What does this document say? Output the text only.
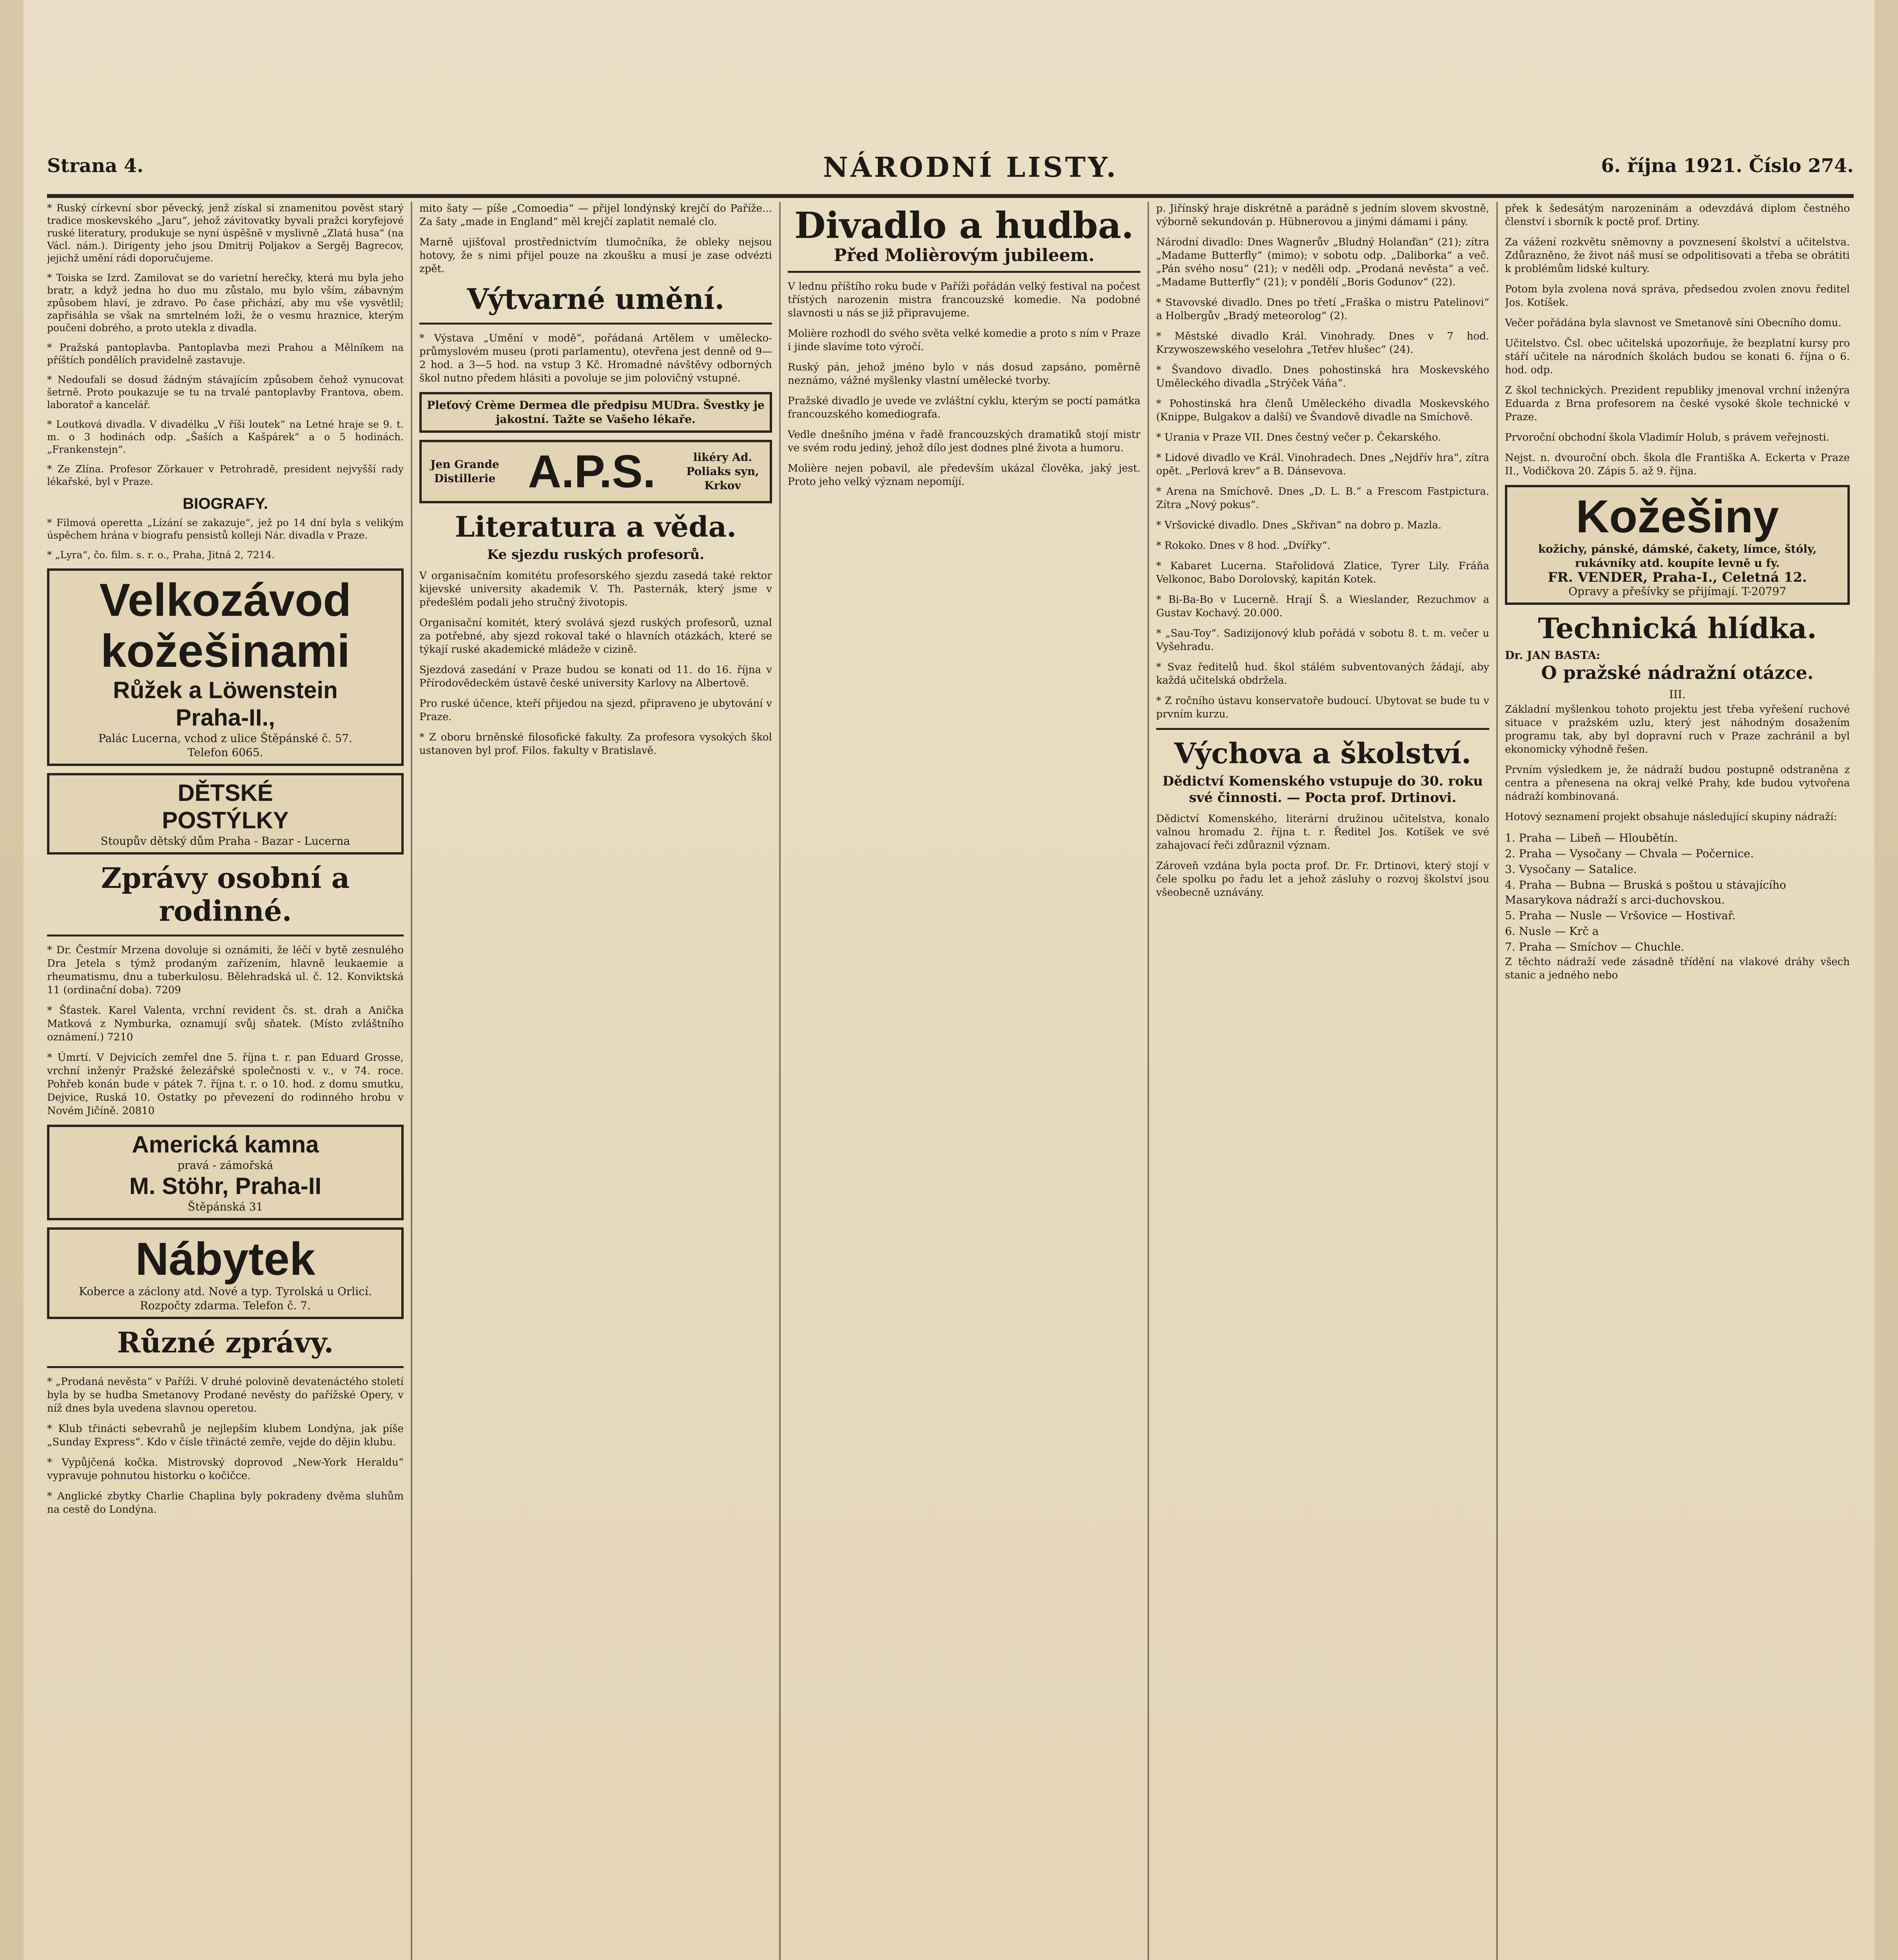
Strana 4.	NÁRODNÍ LISTY.	6. října 1921. Číslo 274.

* Ruský církevní sbor pěvecký, jenž získal si znamenitou pověst starý tradice moskevského „Jaru“, jehož závitovatky byvali pražci koryfejové ruské literatury, produkuje se nyní úspěšně v myslivně „Zlatá husa“ (na Václ. nám.). Dirigenty jeho jsou Dmitrij Poljakov a Sergěj Bagrecov, jejichž umění rádi doporučujeme.

* Toiska se Izrd. Zamilovat se do varietní herečky, která mu byla jeho bratr, a když jedna ho duo mu zůstalo, mu bylo vším, zábavným způsobem hlaví, je zdravo. Po čase přichází, aby mu vše vysvětlil; zapřisáhla se však na smrtelném loži, že o vesmu hraznice, kterým poučeni dobrého, a proto utekla z divadla.

* Pražská pantoplavba. Pantoplavba mezi Prahou a Mělníkem na příštích pondělích pravidelně zastavuje.

* Nedoufali se dosud žádným stávajícím způsobem čehož vynucovat šetrně. Proto poukazuje se tu na trvalé pantoplavby Frantova, obem. laboratoř a kancelář.

* Loutková divadla. V divadélku „V říši loutek“ na Letné hraje se 9. t. m. o 3 hodinách odp. „Šaších a Kašpárek“ a o 5 hodinách. „Frankenstejn“.

* Ze Zlína. Profesor Zörkauer v Petrohradě, president nejvyšší rady lékařské, byl v Praze.

BIOGRAFY.

* Filmová operetta „Lízání se zakazuje“, jež po 14 dní byla s velikým úspěchem hrána v biografu pensistů kolleji Nár. divadla v Praze.

* „Lyra“, čo. film. s. r. o., Praha, Jitná 2, 7214.

Velkozávod
kožešinami
Růžek a Löwenstein
Praha-II.,
Palác Lucerna, vchod z ulice Štěpánské č. 57.
Telefon 6065.
DĚTSKÉ
POSTÝLKY
Stoupův dětský dům Praha - Bazar - Lucerna
Zprávy osobní a rodinné.

* Dr. Čestmír Mrzena dovoluje si oznámiti, že léčí v bytě zesnulého Dra Jetela s týmž prodaným zařízením, hlavně leukaemie a rheumatismu, dnu a tuberkulosu. Bělehradská ul. č. 12. Konviktská 11 (ordinační doba). 7209

* Šťastek. Karel Valenta, vrchní revident čs. st. drah a Anička Matková z Nymburka, oznamují svůj sňatek. (Místo zvláštního oznámení.) 7210

* Úmrtí. V Dejvicích zemřel dne 5. října t. r. pan Eduard Grosse, vrchní inženýr Pražské železářské společnosti v. v., v 74. roce. Pohřeb konán bude v pátek 7. října t. r. o 10. hod. z domu smutku, Dejvice, Ruská 10. Ostatky po převezení do rodinného hrobu v Novém Jičíně. 20810

Americká kamna
pravá - zámořská
M. Stöhr, Praha-II
Štěpánská 31
Nábytek
Koberce a záclony atd. Nové a typ. Tyrolská u Orlicí.
Rozpočty zdarma. Telefon č. 7.
Různé zprávy.

* „Prodaná nevěsta“ v Paříži. V druhé polovině devatenáctého století byla by se hudba Smetanovy Prodané nevěsty do pařížské Opery, v níž dnes byla uvedena slavnou operetou.

* Klub třinácti sebevrahů je nejlepším klubem Londýna, jak píše „Sunday Express“. Kdo v čísle třinácté zemře, vejde do dějin klubu.

* Vypůjčená kočka. Mistrovský doprovod „New-York Heraldu“ vypravuje pohnutou historku o kočičce.

* Anglické zbytky Charlie Chaplina byly pokradeny dvěma sluhům na cestě do Londýna.

mito šaty — píše „Comoedia“ — přijel londýnský krejčí do Paříže... Za šaty „made in England“ měl krejčí zaplatit nemalé clo.

Marně ujišťoval prostřednictvím tlumočníka, že obleky nejsou hotovy, že s nimi přijel pouze na zkoušku a musí je zase odvézti zpět.

Výtvarné umění.

* Výstava „Umění v modě“, pořádaná Artělem v umělecko-průmyslovém museu (proti parlamentu), otevřena jest denně od 9—2 hod. a 3—5 hod. na vstup 3 Kč. Hromadné návštěvy odborných škol nutno předem hlásiti a povoluje se jim polovičný vstupné.

Pleťový Crème Dermea dle předpisu MUDra. Švestky je jakostní. Tažte se Vašeho lékaře.
Jen Grande Distillerie A.P.S.	likéry Ad. Poliaks syn, Krkov
Literatura a věda.
Ke sjezdu ruských profesorů.

V organisačním komitétu profesorského sjezdu zasedá také rektor kijevské university akademik V. Th. Pasternák, který jsme v předešlém podali jeho stručný životopis.

Organisační komitét, který svolává sjezd ruských profesorů, uznal za potřebné, aby sjezd rokoval také o hlavních otázkách, které se týkají ruské akademické mládeže v cizině.

Sjezdová zasedání v Praze budou se konati od 11. do 16. října v Přírodovědeckém ústavě české university Karlovy na Albertově.

Pro ruské účence, kteří přijedou na sjezd, připraveno je ubytování v Praze.

* Z oboru brněnské filosofické fakulty. Za profesora vysokých škol ustanoven byl prof. Filos. fakulty v Bratislavě.

Divadlo a hudba.
Před Molièrovým jubileem.

V lednu příštího roku bude v Paříži pořádán velký festival na počest třístých narozenin mistra francouzské komedie. Na podobné slavnosti u nás se již připravujeme.

Molière rozhodl do svého světa velké komedie a proto s ním v Praze i jinde slavíme toto výročí.

Ruský pán, jehož jméno bylo v nás dosud zapsáno, poměrně neznámo, vážné myšlenky vlastní umělecké tvorby.

Pražské divadlo je uvede ve zvláštní cyklu, kterým se poctí památka francouzského komediografa.

Vedle dnešního jména v řadě francouzských dramatiků stojí mistr ve svém rodu jediný, jehož dílo jest dodnes plné života a humoru.

Molière nejen pobavil, ale především ukázal člověka, jaký jest. Proto jeho velký význam nepomíjí.

p. Jiřínský hraje diskrétně a parádně s jedním slovem skvostně, výborně sekundován p. Hübnerovou a jinými dámami i pány.

Národní divadlo: Dnes Wagnerův „Bludný Holanďan“ (21); zítra „Madame Butterfly“ (mimo); v sobotu odp. „Daliborka“ a več. „Pán svého nosu“ (21); v neděli odp. „Prodaná nevěsta“ a več. „Madame Butterfly“ (21); v pondělí „Boris Godunov“ (22).

* Stavovské divadlo. Dnes po třetí „Fraška o mistru Patelinovi“ a Holbergův „Bradý meteorolog“ (2).

* Městské divadlo Král. Vinohrady. Dnes v 7 hod. Krzywoszewského veselohra „Tetřev hlušec“ (24).

* Švandovo divadlo. Dnes pohostinská hra Moskevského Uměleckého divadla „Strýček Váňa“.

* Pohostinská hra členů Uměleckého divadla Moskevského (Knippe, Bulgakov a další) ve Švandově divadle na Smíchově.

* Urania v Praze VII. Dnes čestný večer p. Čekarského.

* Lidové divadlo ve Král. Vinohradech. Dnes „Nejdřív hra“, zítra opět. „Perlová krev“ a B. Dánsevova.

* Arena na Smíchově. Dnes „D. L. B.“ a Frescom Fastpictura. Zítra „Nový pokus“.

* Vršovické divadlo. Dnes „Skřivan“ na dobro p. Mazla.

* Rokoko. Dnes v 8 hod. „Dvířky“.

* Kabaret Lucerna. Stařolidová Zlatice, Tyrer Lily. Fráňa Velkonoc, Babo Dorolovský, kapitán Kotek.

* Bi-Ba-Bo v Lucerně. Hrají Š. a Wieslander, Rezuchmov a Gustav Kochavý. 20.000.

* „Sau-Toy“. Sadizijonový klub pořádá v sobotu 8. t. m. večer u Vyšehradu.

* Svaz ředitelů hud. škol stálém subventovaných žádají, aby každá učitelská obdržela.

* Z ročního ústavu konservatoře budoucí. Ubytovat se bude tu v prvním kurzu.

Výchova a školství.
Dědictví Komenského vstupuje do 30. roku své činnosti. — Pocta prof. Drtinovi.

Dědictví Komenského, literární družinou učitelstva, konalo valnou hromadu 2. října t. r. Ředitel Jos. Kotíšek ve své zahajovací řeči zdůraznil význam.

Zároveň vzdána byla pocta prof. Dr. Fr. Drtinovi, který stojí v čele spolku po řadu let a jehož zásluhy o rozvoj školství jsou všeobecně uznávány.

přek k šedesátým narozeninám a odevzdává diplom čestného členství i sborník k poctě prof. Drtiny.

Za vážení rozkvětu sněmovny a povznesení školství a učitelstva. Zdůrazněno, že život náš musí se odpolitisovati a třeba se obrátiti k problémům lidské kultury.

Potom byla zvolena nová správa, předsedou zvolen znovu ředitel Jos. Kotíšek.

Večer pořádána byla slavnost ve Smetanově síni Obecního domu.

Učitelstvo. Čsl. obec učitelská upozorňuje, že bezplatní kursy pro stáří učitele na národních školách budou se konati 6. října o 6. hod. odp.

Z škol technických. Prezident republiky jmenoval vrchní inženýra Eduarda z Brna profesorem na české vysoké škole technické v Praze.

Prvoroční obchodní škola Vladimír Holub, s právem veřejnosti.

Nejst. n. dvouroční obch. škola dle Františka A. Eckerta v Praze II., Vodičkova 20. Zápis 5. až 9. října.

Kožešiny
kožichy, pánské, dámské, čakety, límce, štóly, rukávníky atd. koupíte levně u fy.
FR. VENDER, Praha-I., Celetná 12.
Opravy a přešívky se přijímají. T-20797
Technická hlídka.
Dr. JAN BASTA:
O pražské nádražní otázce.
III.

Základní myšlenkou tohoto projektu jest třeba vyřešení ruchové situace v pražském uzlu, který jest náhodným dosažením programu tak, aby byl dopravní ruch v Praze zachránil a byl ekonomicky výhodně řešen.

Prvním výsledkem je, že nádraží budou postupně odstraněna z centra a přenesena na okraj velké Prahy, kde budou vytvořena nádraží kombinovaná.

Hotový seznamení projekt obsahuje následující skupiny nádraží:

1. Praha — Libeň — Hloubětín.
2. Praha — Vysočany — Chvala — Počernice.
3. Vysočany — Satalice.
4. Praha — Bubna — Bruská s poštou u stávajícího Masarykova nádraží s arci-duchovskou.
5. Praha — Nusle — Vršovice — Hostivař.
6. Nusle — Krč a
7. Praha — Smíchov — Chuchle.

Z těchto nádraží vede zásadně třídění na vlakové dráhy všech stanic a jedného nebo
